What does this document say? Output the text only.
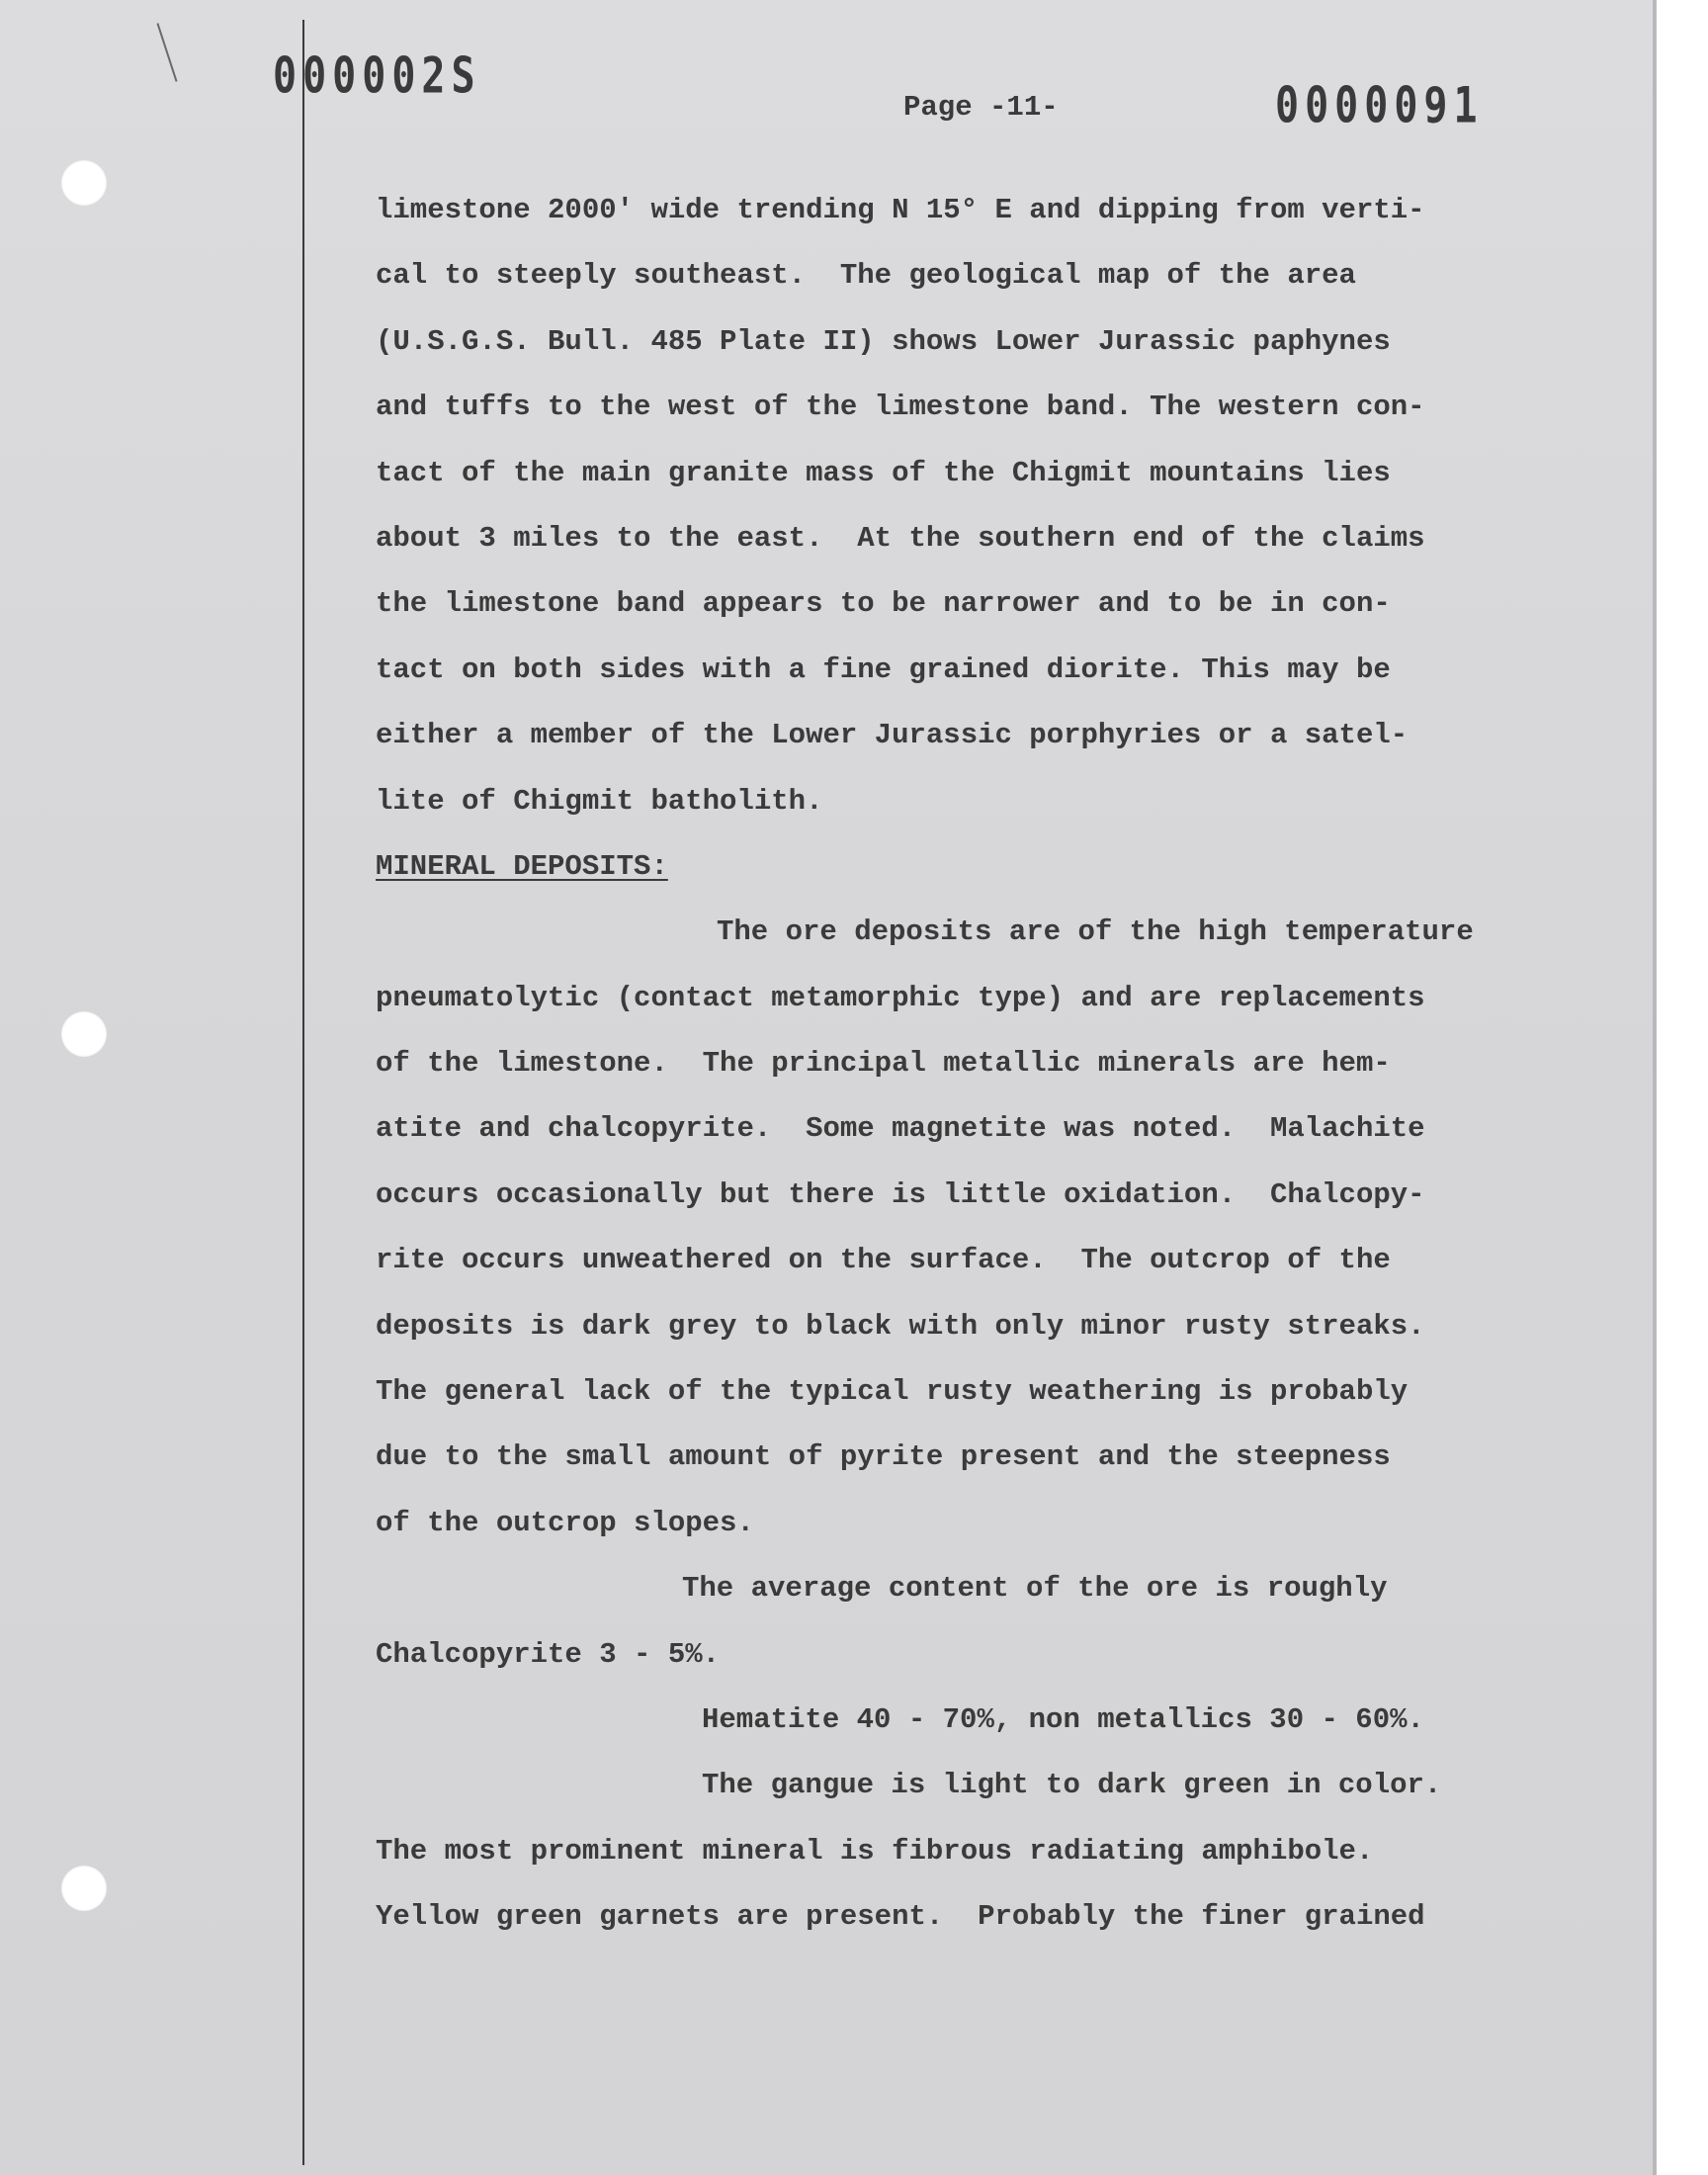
000002S
Page -11-	0000091
limestone 2000' wide trending N 15° E and dipping from verti-
cal to steeply southeast.  The geological map of the area
(U.S.G.S. Bull. 485 Plate II) shows Lower Jurassic paphynes
and tuffs to the west of the limestone band. The western con-
tact of the main granite mass of the Chigmit mountains lies
about 3 miles to the east.  At the southern end of the claims
the limestone band appears to be narrower and to be in con-
tact on both sides with a fine grained diorite. This may be
either a member of the Lower Jurassic porphyries or a satel-
lite of Chigmit batholith.
MINERAL DEPOSITS:
The ore deposits are of the high temperature
pneumatolytic (contact metamorphic type) and are replacements
of the limestone.  The principal metallic minerals are hem-
atite and chalcopyrite.  Some magnetite was noted.  Malachite
occurs occasionally but there is little oxidation.  Chalcopy-
rite occurs unweathered on the surface.  The outcrop of the
deposits is dark grey to black with only minor rusty streaks.
The general lack of the typical rusty weathering is probably
due to the small amount of pyrite present and the steepness
of the outcrop slopes.
The average content of the ore is roughly
Chalcopyrite 3 - 5%.
Hematite 40 - 70%, non metallics 30 - 60%.
The gangue is light to dark green in color.
The most prominent mineral is fibrous radiating amphibole.
Yellow green garnets are present.  Probably the finer grained
